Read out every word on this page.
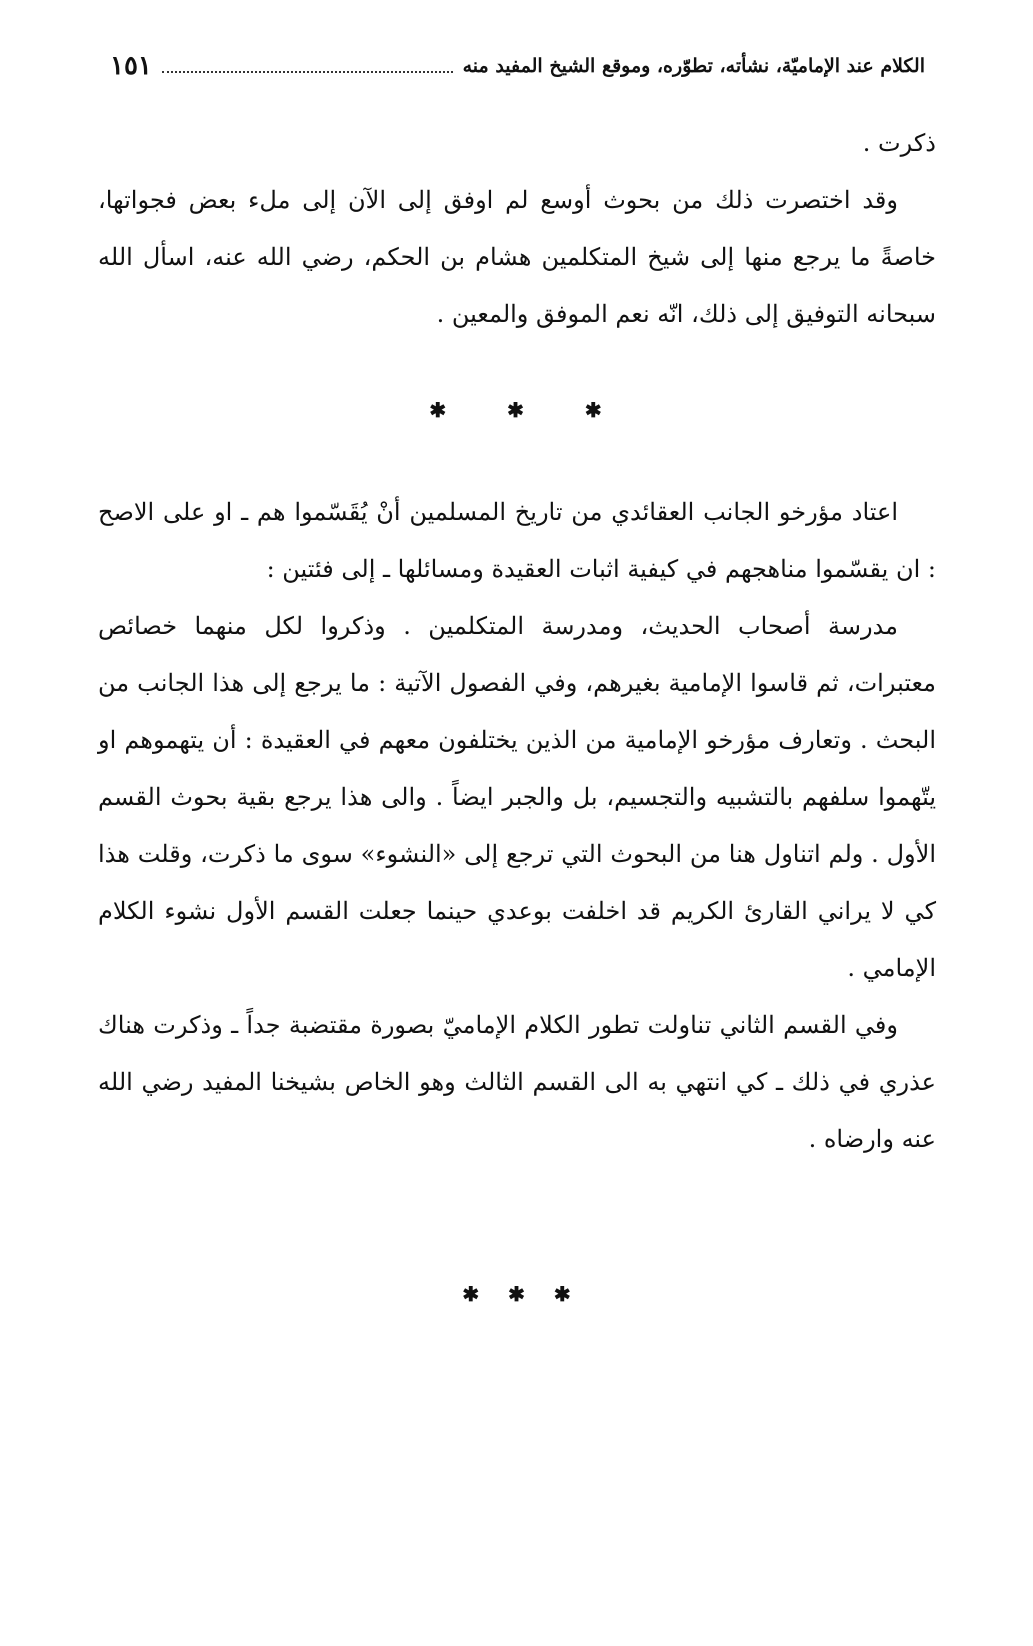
الكلام عند الإماميّة، نشأته، تطوّره، وموقع الشيخ المفيد منه
١٥١

ذكرت .

وقد اختصرت ذلك من بحوث أوسع لم اوفق إلى الآن إلى ملء بعض فجواتها، خاصةً ما يرجع منها إلى شيخ المتكلمين هشام بن الحكم، رضي الله عنه، اسأل الله سبحانه التوفيق إلى ذلك، انّه نعم الموفق والمعين .

✱ ✱ ✱

اعتاد مؤرخو الجانب العقائدي من تاريخ المسلمين أنْ يُقَسّموا هم ـ او على الاصح : ان يقسّموا مناهجهم في كيفية اثبات العقيدة ومسائلها ـ إلى فئتين :

مدرسة أصحاب الحديث، ومدرسة المتكلمين . وذكروا لكل منهما خصائص معتبرات، ثم قاسوا الإمامية بغيرهم، وفي الفصول الآتية : ما يرجع إلى هذا الجانب من البحث . وتعارف مؤرخو الإمامية من الذين يختلفون معهم في العقيدة : أن يتهموهم او يتّهموا سلفهم بالتشبيه والتجسيم، بل والجبر ايضاً . والى هذا يرجع بقية بحوث القسم الأول . ولم اتناول هنا من البحوث التي ترجع إلى «النشوء» سوى ما ذكرت، وقلت هذا كي لا يراني القارئ الكريم قد اخلفت بوعدي حينما جعلت القسم الأول نشوء الكلام الإمامي .

وفي القسم الثاني تناولت تطور الكلام الإماميّ بصورة مقتضبة جداً ـ وذكرت هناك عذري في ذلك ـ كي انتهي به الى القسم الثالث وهو الخاص بشيخنا المفيد رضي الله عنه وارضاه .

✱ ✱ ✱
